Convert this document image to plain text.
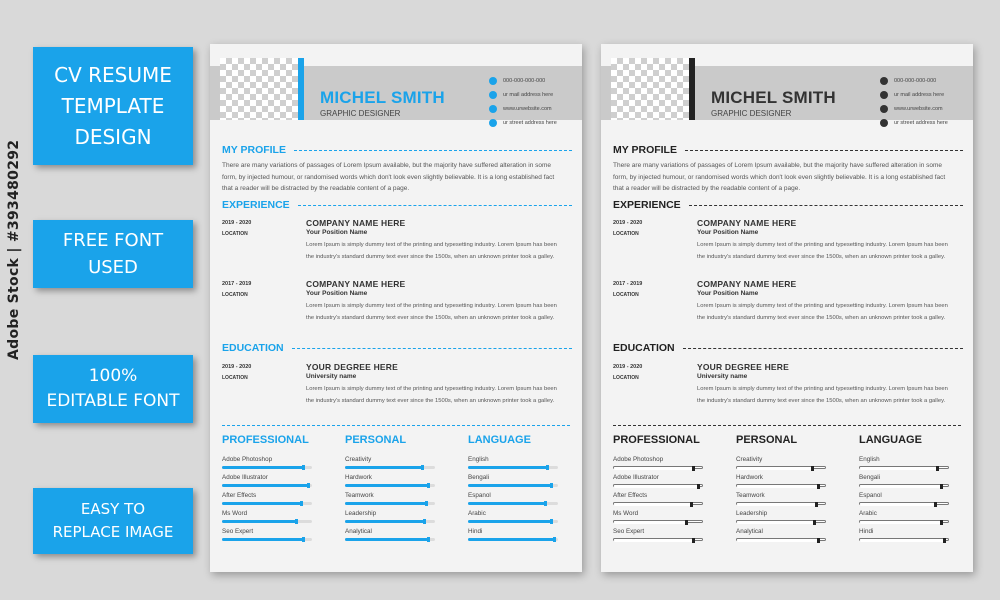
CV RESUME
TEMPLATE
DESIGN
FREE FONT
USED
100%
EDITABLE FONT
EASY TO
REPLACE IMAGE
Adobe Stock | #393480292
MICHEL SMITH
GRAPHIC DESIGNER
000-000-000-000
ur mail address here
www.urwebsite.com
ur street address here
MY PROFILE
There are many variations of passages of Lorem Ipsum available, but the majority have suffered alteration in some form, by injected humour, or randomised words which don't look even slightly believable. It is a long established fact that a reader will be distracted by the readable content of a page.
EXPERIENCE
2019 - 2020
LOCATION
COMPANY NAME HERE
Your Position Name
Lorem Ipsum is simply dummy text of the printing and typesetting industry. Lorem Ipsum has been the industry's standard dummy text ever since the 1500s, when an unknown printer took a galley.
2017 - 2019
LOCATION
COMPANY NAME HERE
Your Position Name
Lorem Ipsum is simply dummy text of the printing and typesetting industry. Lorem Ipsum has been the industry's standard dummy text ever since the 1500s, when an unknown printer took a galley.
EDUCATION
2019 - 2020
LOCATION
YOUR DEGREE HERE
University name
Lorem Ipsum is simply dummy text of the printing and typesetting industry. Lorem Ipsum has been the industry's standard dummy text ever since the 1500s, when an unknown printer took a galley.
PROFESSIONAL
Adobe Photoshop
Adobe Illustrator
After Effects
Ms Word
Seo Expert
PERSONAL
Creativity
Hardwork
Teamwork
Leadership
Analytical
LANGUAGE
English
Bengali
Espanol
Arabic
Hindi
MICHEL SMITH
GRAPHIC DESIGNER
000-000-000-000
ur mail address here
www.urwebsite.com
ur street address here
MY PROFILE
There are many variations of passages of Lorem Ipsum available, but the majority have suffered alteration in some form, by injected humour, or randomised words which don't look even slightly believable. It is a long established fact that a reader will be distracted by the readable content of a page.
EXPERIENCE
2019 - 2020
LOCATION
COMPANY NAME HERE
Your Position Name
Lorem Ipsum is simply dummy text of the printing and typesetting industry. Lorem Ipsum has been the industry's standard dummy text ever since the 1500s, when an unknown printer took a galley.
2017 - 2019
LOCATION
COMPANY NAME HERE
Your Position Name
Lorem Ipsum is simply dummy text of the printing and typesetting industry. Lorem Ipsum has been the industry's standard dummy text ever since the 1500s, when an unknown printer took a galley.
EDUCATION
2019 - 2020
LOCATION
YOUR DEGREE HERE
University name
Lorem Ipsum is simply dummy text of the printing and typesetting industry. Lorem Ipsum has been the industry's standard dummy text ever since the 1500s, when an unknown printer took a galley.
PROFESSIONAL
Adobe Photoshop
Adobe Illustrator
After Effects
Ms Word
Seo Expert
PERSONAL
Creativity
Hardwork
Teamwork
Leadership
Analytical
LANGUAGE
English
Bengali
Espanol
Arabic
Hindi
